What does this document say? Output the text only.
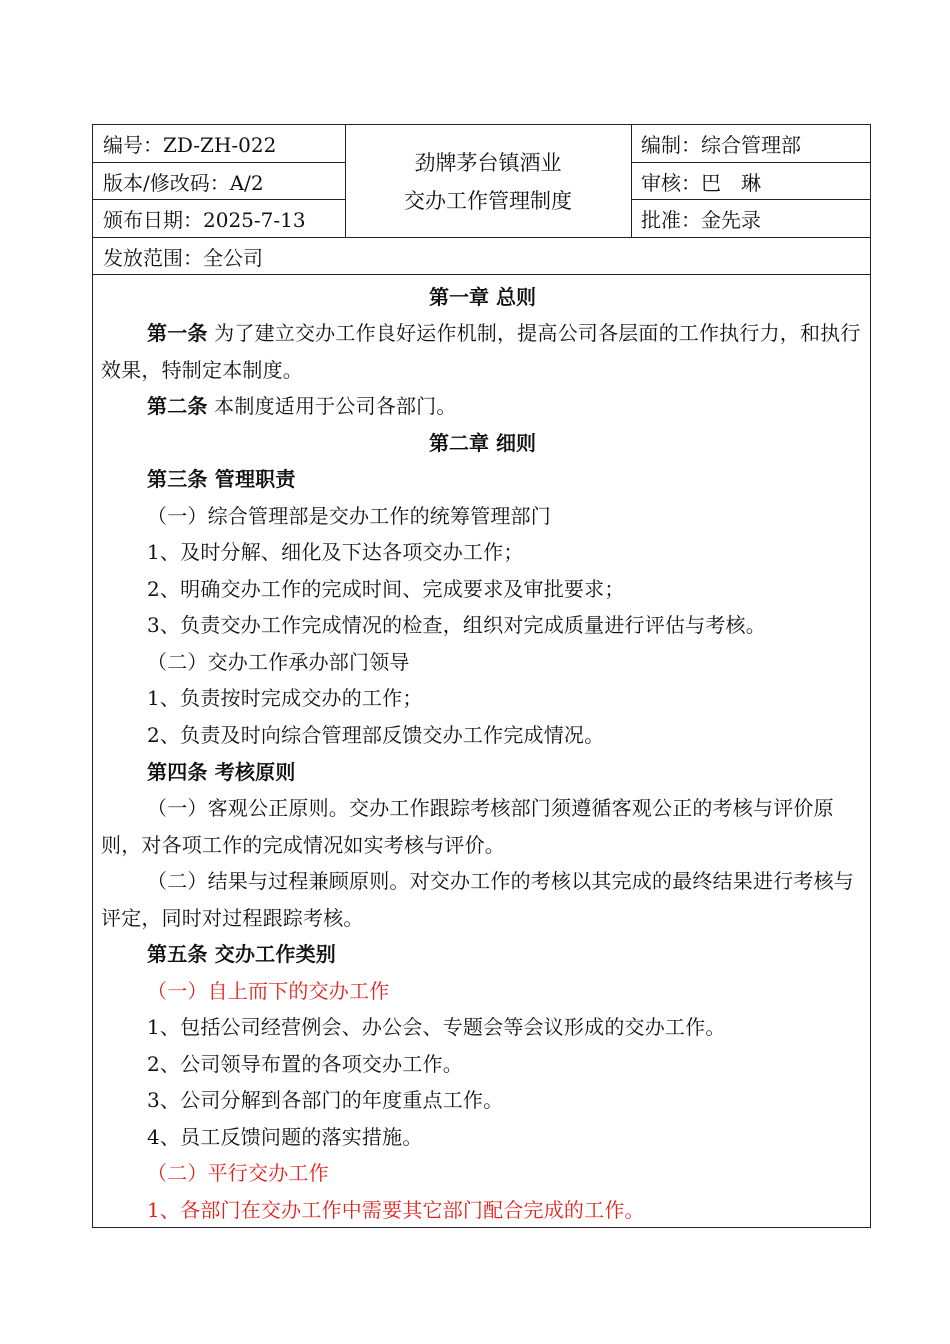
编号：ZD-ZH-022
版本/修改码：A/2
颁布日期：2025-7-13
劲牌茅台镇酒业
交办工作管理制度
编制：综合管理部
审核：巴　琳
批准：金先录
发放范围：全公司
第一章 总则
第一条 为了建立交办工作良好运作机制，提高公司各层面的工作执行力，和执行效果，特制定本制度。
第二条 本制度适用于公司各部门。
第二章 细则
第三条 管理职责
（一）综合管理部是交办工作的统筹管理部门
1、及时分解、细化及下达各项交办工作；
2、明确交办工作的完成时间、完成要求及审批要求；
3、负责交办工作完成情况的检查，组织对完成质量进行评估与考核。
（二）交办工作承办部门领导
1、负责按时完成交办的工作；
2、负责及时向综合管理部反馈交办工作完成情况。
第四条 考核原则
（一）客观公正原则。交办工作跟踪考核部门须遵循客观公正的考核与评价原则，对各项工作的完成情况如实考核与评价。
（二）结果与过程兼顾原则。对交办工作的考核以其完成的最终结果进行考核与评定，同时对过程跟踪考核。
第五条 交办工作类别
（一）自上而下的交办工作
1、包括公司经营例会、办公会、专题会等会议形成的交办工作。
2、公司领导布置的各项交办工作。
3、公司分解到各部门的年度重点工作。
4、员工反馈问题的落实措施。
（二）平行交办工作
1、各部门在交办工作中需要其它部门配合完成的工作。
